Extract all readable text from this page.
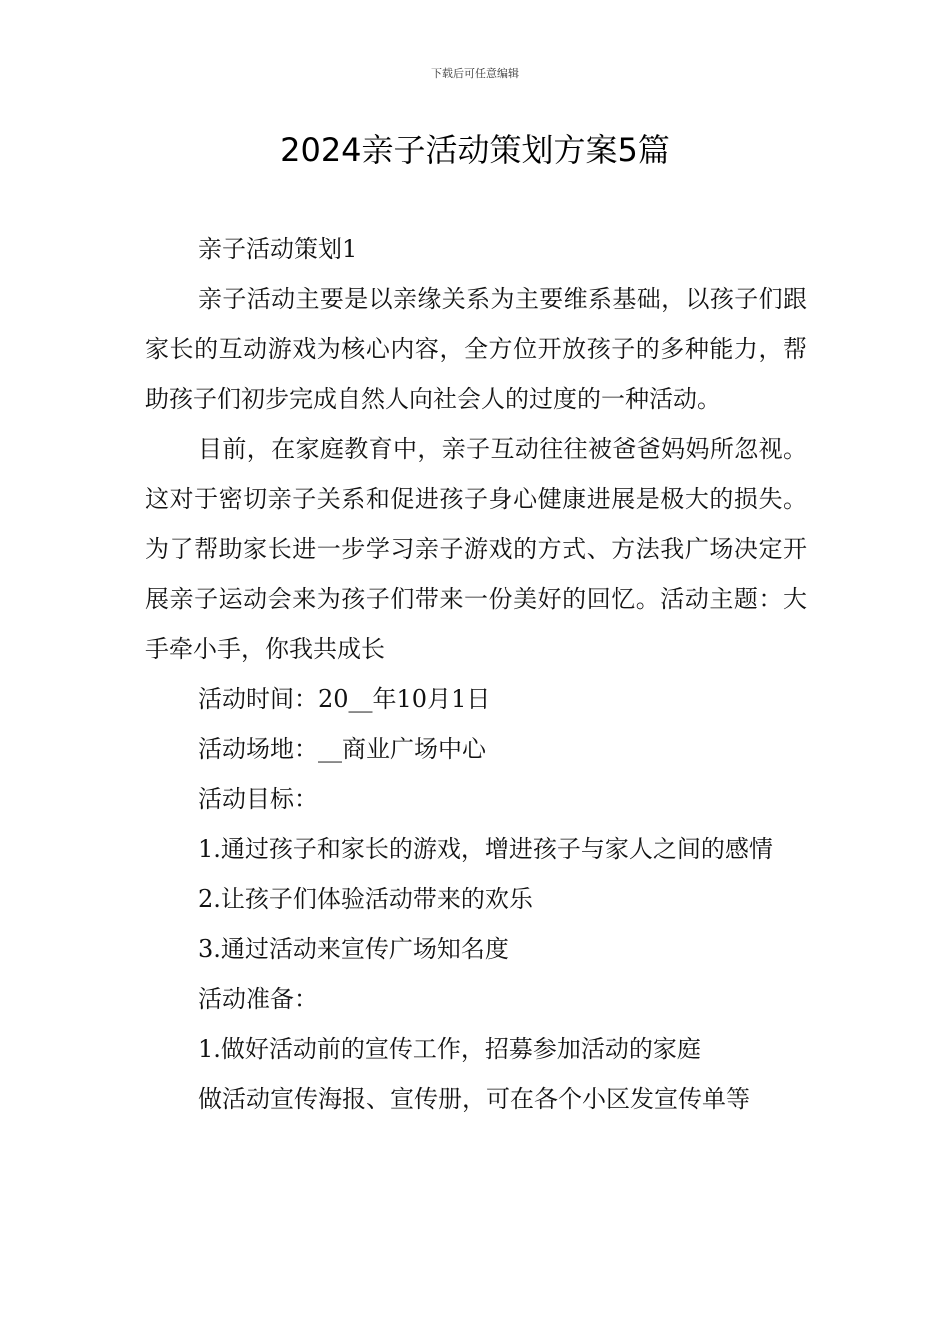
下载后可任意编辑
2024亲子活动策划方案5篇

亲子活动策划1

亲子活动主要是以亲缘关系为主要维系基础，以孩子们跟家长的互动游戏为核心内容，全方位开放孩子的多种能力，帮助孩子们初步完成自然人向社会人的过度的一种活动。

目前，在家庭教育中，亲子互动往往被爸爸妈妈所忽视。这对于密切亲子关系和促进孩子身心健康进展是极大的损失。为了帮助家长进一步学习亲子游戏的方式、方法我广场决定开展亲子运动会来为孩子们带来一份美好的回忆。活动主题：大手牵小手，你我共成长

活动时间：20__年10月1日

活动场地：__商业广场中心

活动目标：

1.通过孩子和家长的游戏，增进孩子与家人之间的感情

2.让孩子们体验活动带来的欢乐

3.通过活动来宣传广场知名度

活动准备：

1.做好活动前的宣传工作，招募参加活动的家庭

做活动宣传海报、宣传册，可在各个小区发宣传单等
